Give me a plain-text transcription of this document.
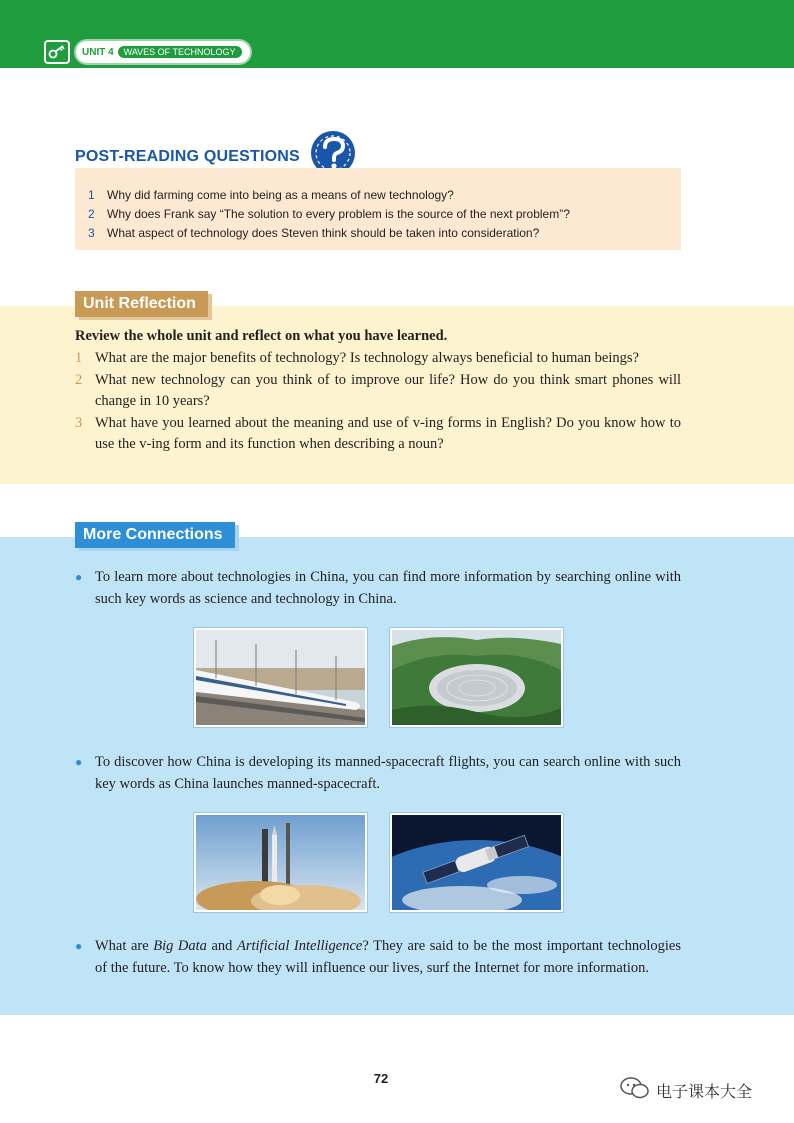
UNIT 4	WAVES OF TECHNOLOGY
POST-READING QUESTIONS
1	Why did farming come into being as a means of new technology?
2	Why does Frank say “The solution to every problem is the source of the next problem”?
3	What aspect of technology does Steven think should be taken into consideration?
Unit Reflection
Review the whole unit and reflect on what you have learned.
1 What are the major benefits of technology? Is technology always beneficial to human beings?
2 What new technology can you think of to improve our life? How do you think smart phones will change in 10 years?
3 What have you learned about the meaning and use of v-ing forms in English? Do you know how to use the v-ing form and its function when describing a noun?
More Connections
● To learn more about technologies in China, you can find more information by searching online with such key words as science and technology in China.
● To discover how China is developing its manned-spacecraft flights, you can search online with such key words as China launches manned-spacecraft.
● What are Big Data and Artificial Intelligence? They are said to be the most important technologies of the future. To know how they will influence our lives, surf the Internet for more information.
72
电子课本大全
